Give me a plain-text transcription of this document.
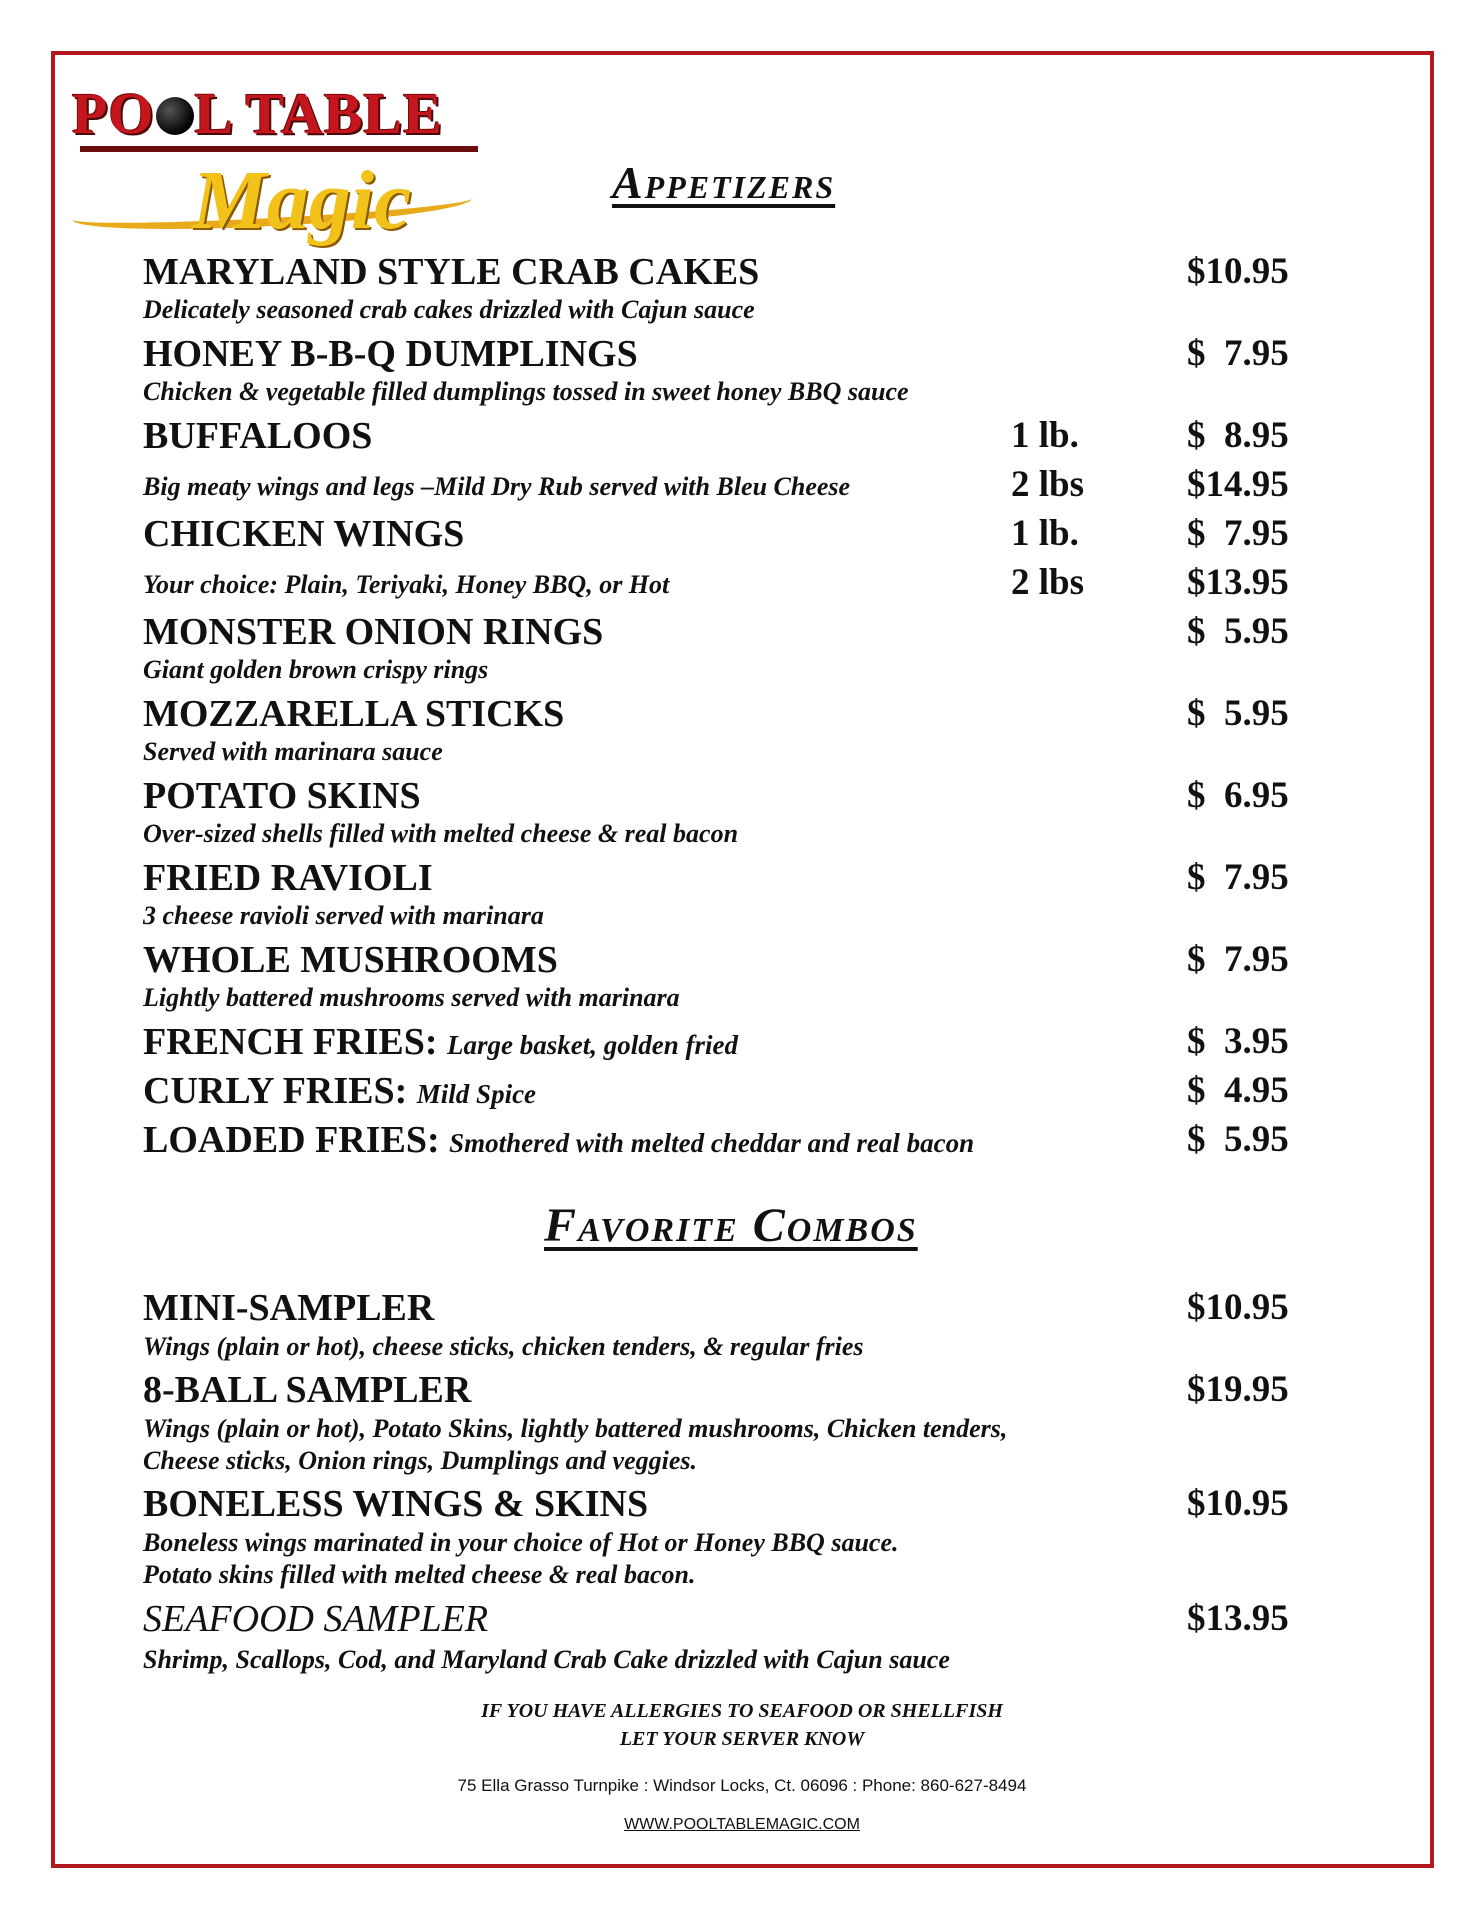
PO L TABLE
Magic	Appetizers
MARYLAND STYLE CRAB CAKES	$10.95
Delicately seasoned crab cakes drizzled with Cajun sauce
HONEY B-B-Q DUMPLINGS	$  7.95
Chicken & vegetable filled dumplings tossed in sweet honey BBQ sauce
BUFFALOOS	1 lb.	$  8.95
Big meaty wings and legs –Mild Dry Rub served with Bleu Cheese	2 lbs	$14.95
CHICKEN WINGS	1 lb.	$  7.95
Your choice: Plain, Teriyaki, Honey BBQ, or Hot	2 lbs	$13.95
MONSTER ONION RINGS	$  5.95
Giant golden brown crispy rings
MOZZARELLA STICKS	$  5.95
Served with marinara sauce
POTATO SKINS	$  6.95
Over-sized shells filled with melted cheese & real bacon
FRIED RAVIOLI	$  7.95
3 cheese ravioli served with marinara
WHOLE MUSHROOMS	$  7.95
Lightly battered mushrooms served with marinara
FRENCH FRIES: Large basket, golden fried	$  3.95
CURLY FRIES: Mild Spice	$  4.95
LOADED FRIES: Smothered with melted cheddar and real bacon	$  5.95
Favorite Combos
MINI-SAMPLER	$10.95
Wings (plain or hot), cheese sticks, chicken tenders, & regular fries
8-BALL SAMPLER	$19.95
Wings (plain or hot), Potato Skins, lightly battered mushrooms, Chicken tenders,
Cheese sticks, Onion rings, Dumplings and veggies.
BONELESS WINGS & SKINS	$10.95
Boneless wings marinated in your choice of Hot or Honey BBQ sauce.
Potato skins filled with melted cheese & real bacon.
SEAFOOD SAMPLER	$13.95
Shrimp, Scallops, Cod, and Maryland Crab Cake drizzled with Cajun sauce
IF YOU HAVE ALLERGIES TO SEAFOOD OR SHELLFISH
LET YOUR SERVER KNOW
75 Ella Grasso Turnpike : Windsor Locks, Ct. 06096 : Phone: 860-627-8494
WWW.POOLTABLEMAGIC.COM
